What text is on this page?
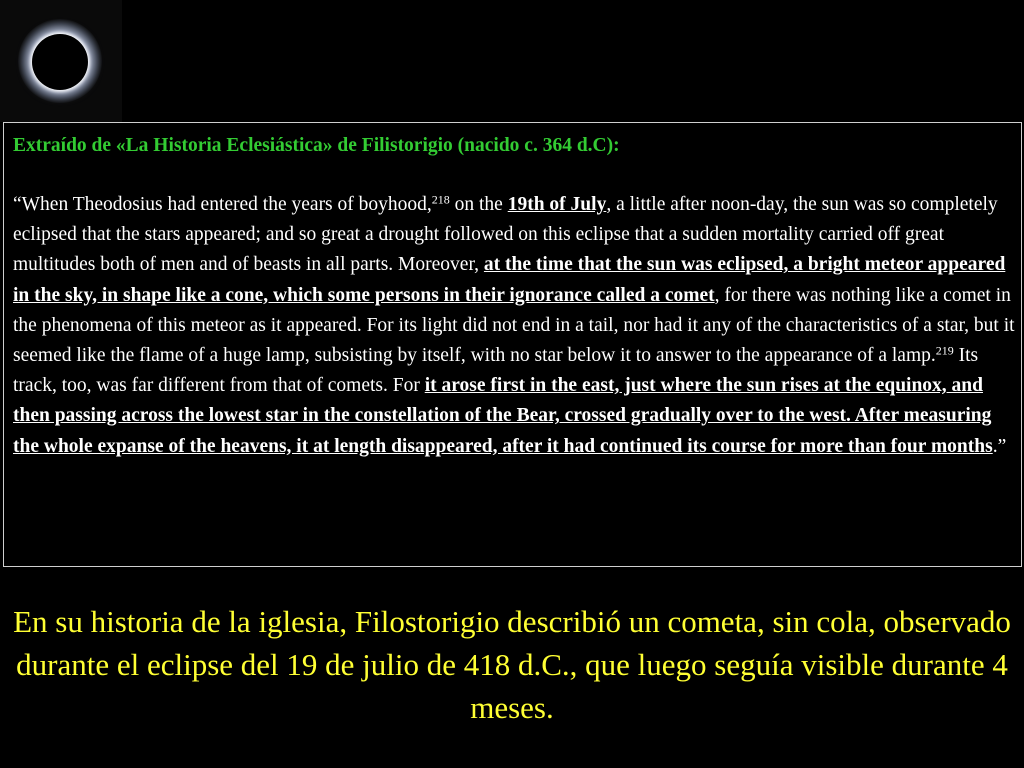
Extraído de «La Historia Eclesiástica» de Filistorigio (nacido c. 364 d.C):

“When Theodosius had entered the years of boyhood,$^{218}$ on the 19th of July, a little after noon-day, the sun was so completely eclipsed that the stars appeared; and so great a drought followed on this eclipse that a sudden mortality carried off great multitudes both of men and of beasts in all parts. Moreover, at the time that the sun was eclipsed, a bright meteor appeared in the sky, in shape like a cone, which some persons in their ignorance called a comet, for there was nothing like a comet in the phenomena of this meteor as it appeared. For its light did not end in a tail, nor had it any of the characteristics of a star, but it seemed like the flame of a huge lamp, subsisting by itself, with no star below it to answer to the appearance of a lamp.$^{219}$ Its track, too, was far different from that of comets. For it arose first in the east, just where the sun rises at the equinox, and then passing across the lowest star in the constellation of the Bear, crossed gradually over to the west. After measuring the whole expanse of the heavens, it at length disappeared, after it had continued its course for more than four months.”

En su historia de la iglesia, Filostorigio describió un cometa, sin cola, observado durante el eclipse del 19 de julio de 418 d.C., que luego seguía visible durante 4 meses.
